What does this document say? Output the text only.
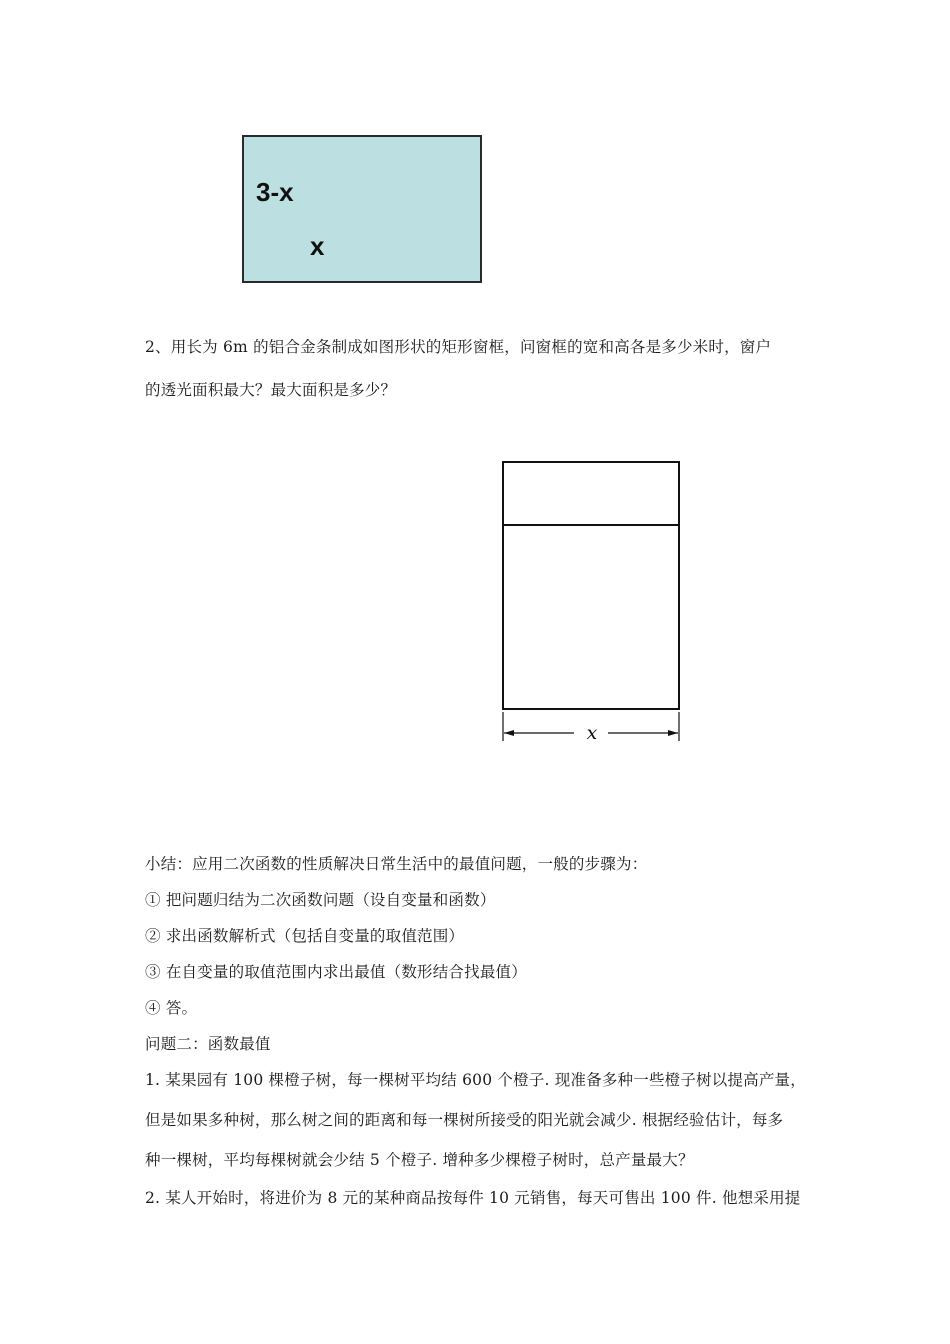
3-x
x
2、用长为 6m 的铝合金条制成如图形状的矩形窗框，问窗框的宽和高各是多少米时，窗户
的透光面积最大？最大面积是多少？
x
小结：应用二次函数的性质解决日常生活中的最值问题，一般的步骤为：
① 把问题归结为二次函数问题（设自变量和函数）
② 求出函数解析式（包括自变量的取值范围）
③ 在自变量的取值范围内求出最值（数形结合找最值）
④ 答。
问题二：函数最值
1. 某果园有 100 棵橙子树，每一棵树平均结 600 个橙子. 现准备多种一些橙子树以提高产量，
但是如果多种树，那么树之间的距离和每一棵树所接受的阳光就会减少. 根据经验估计，每多
种一棵树，平均每棵树就会少结 5 个橙子. 增种多少棵橙子树时，总产量最大？
2. 某人开始时，将进价为 8 元的某种商品按每件 10 元销售，每天可售出 100 件. 他想采用提
